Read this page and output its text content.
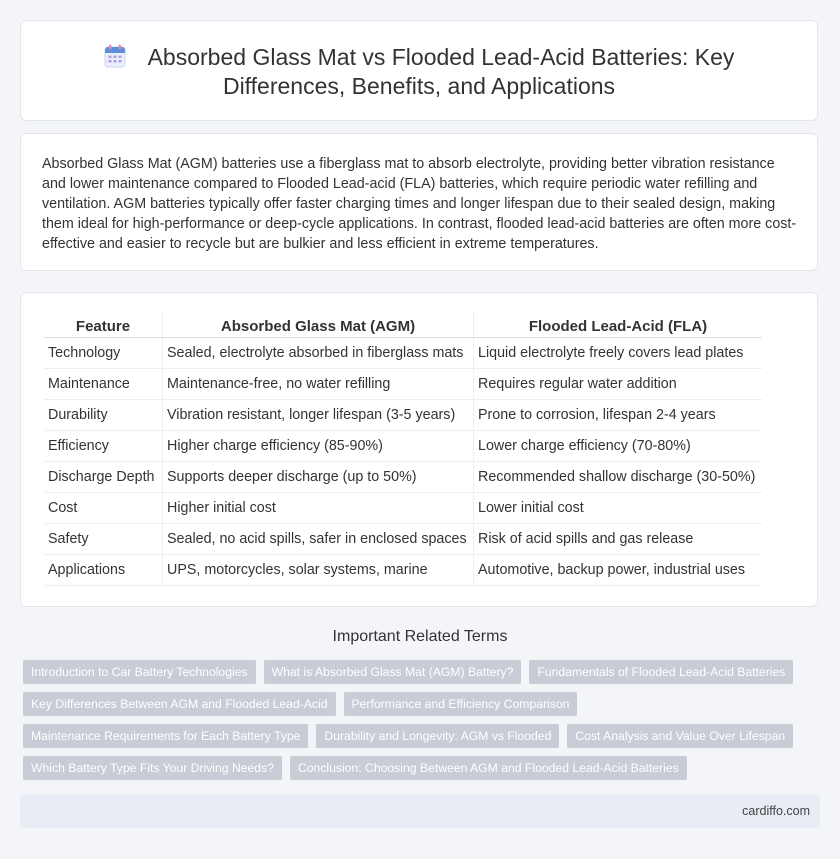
Absorbed Glass Mat vs Flooded Lead-Acid Batteries: Key
Differences, Benefits, and Applications

Absorbed Glass Mat (AGM) batteries use a fiberglass mat to absorb electrolyte, providing better vibration resistance and lower maintenance compared to Flooded Lead-acid (FLA) batteries, which require periodic water refilling and ventilation. AGM batteries typically offer faster charging times and longer lifespan due to their sealed design, making them ideal for high-performance or deep-cycle applications. In contrast, flooded lead-acid batteries are often more cost-effective and easier to recycle but are bulkier and less efficient in extreme temperatures.

Feature	Absorbed Glass Mat (AGM)	Flooded Lead-Acid (FLA)
Technology	Sealed, electrolyte absorbed in fiberglass mats	Liquid electrolyte freely covers lead plates
Maintenance	Maintenance-free, no water refilling	Requires regular water addition
Durability	Vibration resistant, longer lifespan (3-5 years)	Prone to corrosion, lifespan 2-4 years
Efficiency	Higher charge efficiency (85-90%)	Lower charge efficiency (70-80%)
Discharge Depth	Supports deeper discharge (up to 50%)	Recommended shallow discharge (30-50%)
Cost	Higher initial cost	Lower initial cost
Safety	Sealed, no acid spills, safer in enclosed spaces	Risk of acid spills and gas release
Applications	UPS, motorcycles, solar systems, marine	Automotive, backup power, industrial uses
Important Related Terms
Introduction to Car Battery Technologies	What is Absorbed Glass Mat (AGM) Battery?	Fundamentals of Flooded Lead-Acid Batteries
Key Differences Between AGM and Flooded Lead-Acid	Performance and Efficiency Comparison
Maintenance Requirements for Each Battery Type	Durability and Longevity: AGM vs Flooded	Cost Analysis and Value Over Lifespan
Which Battery Type Fits Your Driving Needs?	Conclusion: Choosing Between AGM and Flooded Lead-Acid Batteries
cardiffo.com
